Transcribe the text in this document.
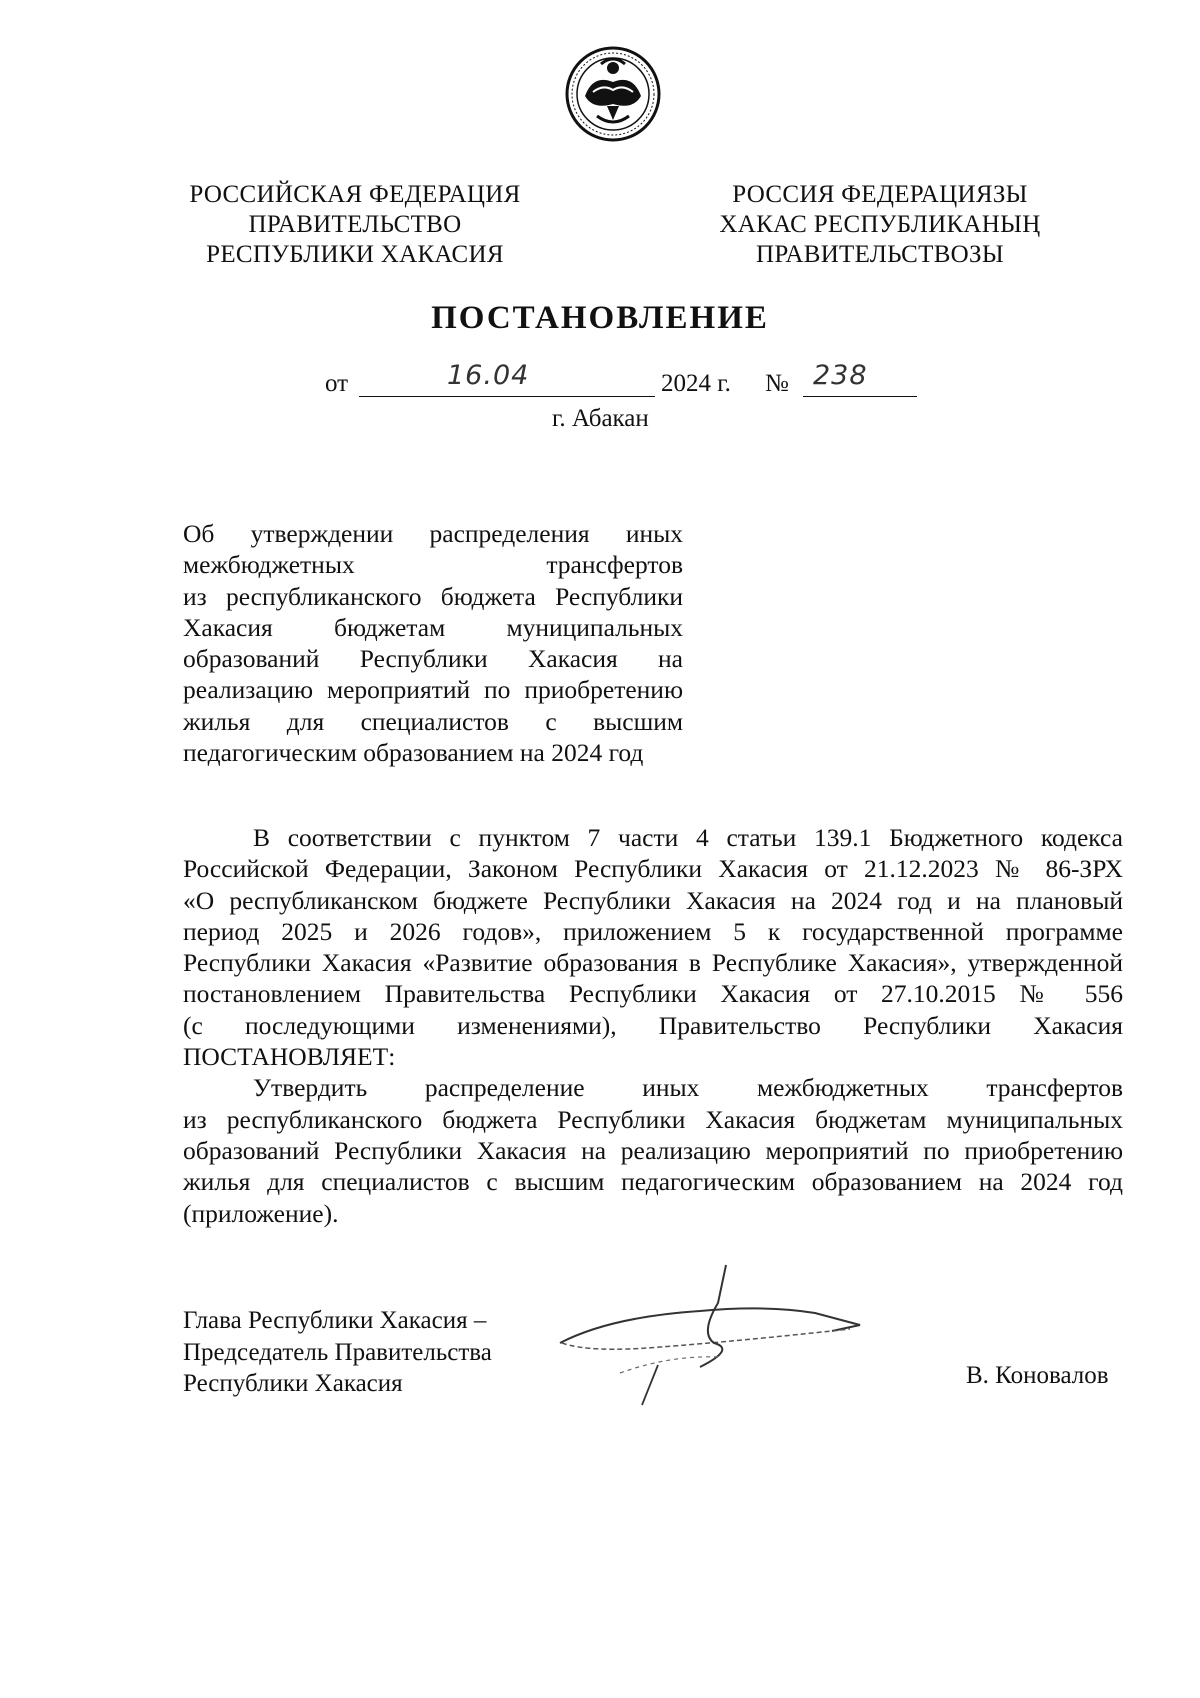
РОССИЙСКАЯ ФЕДЕРАЦИЯ
ПРАВИТЕЛЬСТВО
РЕСПУБЛИКИ ХАКАСИЯ
РОССИЯ ФЕДЕРАЦИЯЗЫ
ХАКАС РЕСПУБЛИКАНЫҢ
ПРАВИТЕЛЬСТВОЗЫ
ПОСТАНОВЛЕНИЕ
от	16.04	2024 г. № 238
г. Абакан
Об утверждении распределения иных
межбюджетных трансфертов
из республиканского бюджета Республики
Хакасия бюджетам муниципальных
образований Республики Хакасия на
реализацию мероприятий по приобретению
жилья для специалистов с высшим
педагогическим образованием на 2024 год
В соответствии с пунктом 7 части 4 статьи 139.1 Бюджетного кодекса
Российской Федерации, Законом Республики Хакасия от 21.12.2023 № 86-ЗРХ
«О республиканском бюджете Республики Хакасия на 2024 год и на плановый
период 2025 и 2026 годов», приложением 5 к государственной программе
Республики Хакасия «Развитие образования в Республике Хакасия», утвержденной
постановлением Правительства Республики Хакасия от 27.10.2015 № 556
(с последующими изменениями), Правительство Республики Хакасия
ПОСТАНОВЛЯЕТ:
Утвердить распределение иных межбюджетных трансфертов
из республиканского бюджета Республики Хакасия бюджетам муниципальных
образований Республики Хакасия на реализацию мероприятий по приобретению
жилья для специалистов с высшим педагогическим образованием на 2024 год
(приложение).
Глава Республики Хакасия –
Председатель Правительства
Республики Хакасия	В. Коновалов
